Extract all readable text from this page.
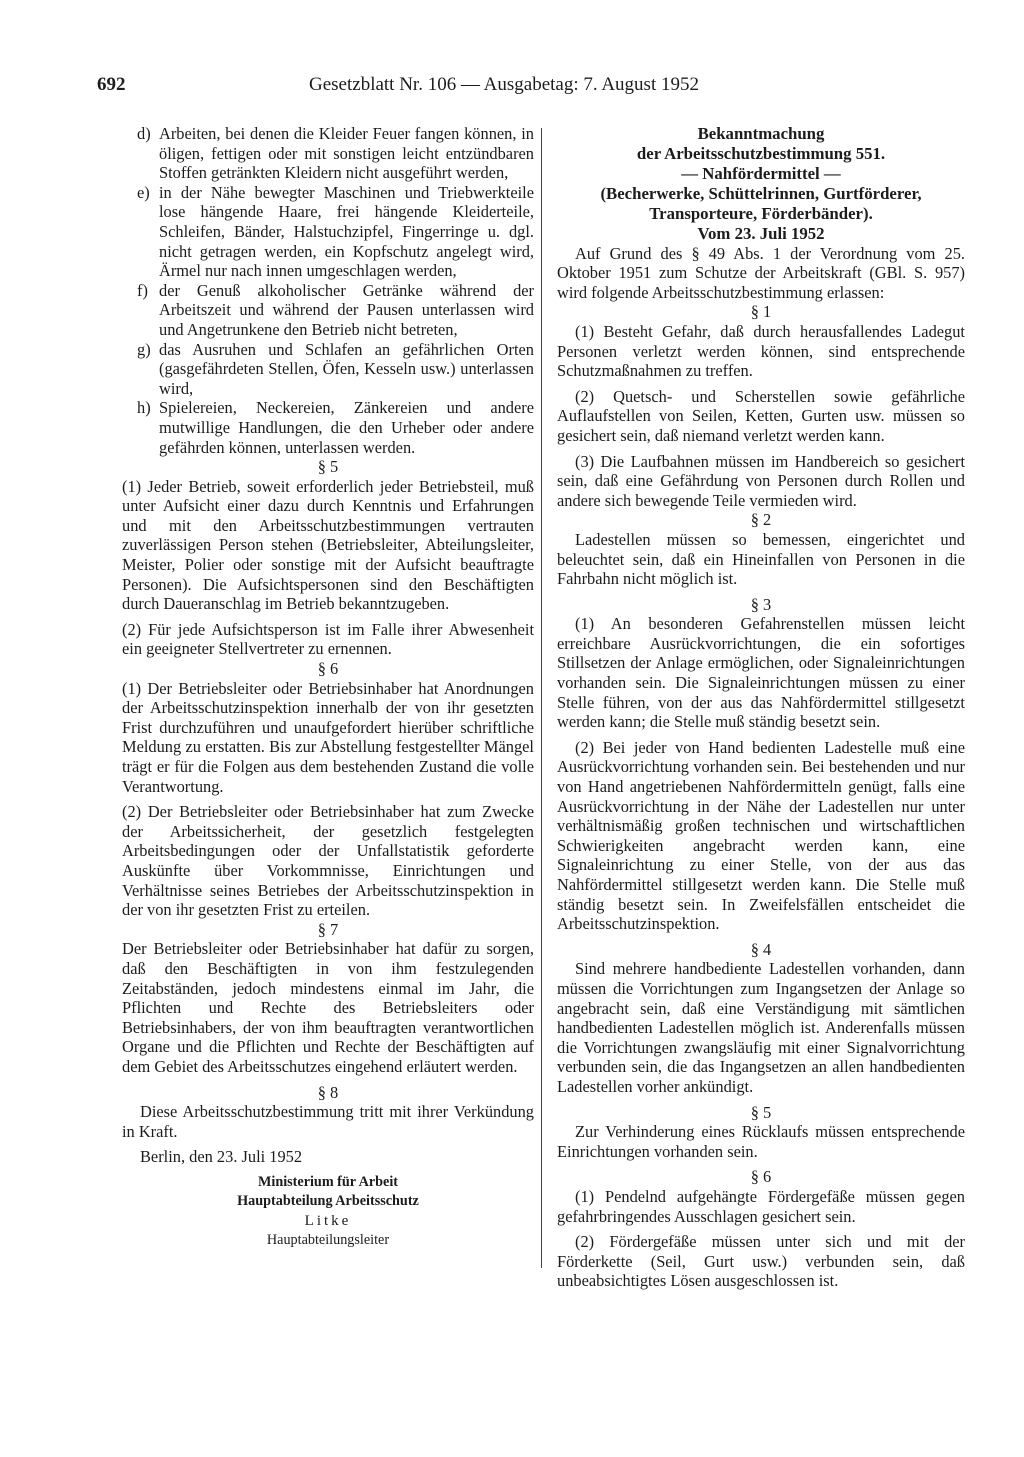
692	Gesetzblatt Nr. 106 — Ausgabetag: 7. August 1952
d) Arbeiten, bei denen die Kleider Feuer fangen können, in öligen, fettigen oder mit sonstigen leicht entzündbaren Stoffen getränkten Kleidern nicht ausgeführt werden,

e) in der Nähe bewegter Maschinen und Triebwerkteile lose hängende Haare, frei hängende Kleiderteile, Schleifen, Bänder, Halstuchzipfel, Fingerringe u. dgl. nicht getragen werden, ein Kopfschutz angelegt wird, Ärmel nur nach innen umgeschlagen werden,

f) der Genuß alkoholischer Getränke während der Arbeitszeit und während der Pausen unterlassen wird und Angetrunkene den Betrieb nicht betreten,

g) das Ausruhen und Schlafen an gefährlichen Orten (gasgefährdeten Stellen, Öfen, Kesseln usw.) unterlassen wird,

h) Spielereien, Neckereien, Zänkereien und andere mutwillige Handlungen, die den Urheber oder andere gefährden können, unterlassen werden.

§ 5

(1) Jeder Betrieb, soweit erforderlich jeder Betriebsteil, muß unter Aufsicht einer dazu durch Kenntnis und Erfahrungen und mit den Arbeitsschutzbestimmungen vertrauten zuverlässigen Person stehen (Betriebsleiter, Abteilungsleiter, Meister, Polier oder sonstige mit der Aufsicht beauftragte Personen). Die Aufsichtspersonen sind den Beschäftigten durch Daueranschlag im Betrieb bekanntzugeben.

(2) Für jede Aufsichtsperson ist im Falle ihrer Abwesenheit ein geeigneter Stellvertreter zu ernennen.

§ 6

(1) Der Betriebsleiter oder Betriebsinhaber hat Anordnungen der Arbeitsschutzinspektion innerhalb der von ihr gesetzten Frist durchzuführen und unaufgefordert hierüber schriftliche Meldung zu erstatten. Bis zur Abstellung festgestellter Mängel trägt er für die Folgen aus dem bestehenden Zustand die volle Verantwortung.

(2) Der Betriebsleiter oder Betriebsinhaber hat zum Zwecke der Arbeitssicherheit, der gesetzlich festgelegten Arbeitsbedingungen oder der Unfallstatistik geforderte Auskünfte über Vorkommnisse, Einrichtungen und Verhältnisse seines Betriebes der Arbeitsschutzinspektion in der von ihr gesetzten Frist zu erteilen.

§ 7

Der Betriebsleiter oder Betriebsinhaber hat dafür zu sorgen, daß den Beschäftigten in von ihm festzulegenden Zeitabständen, jedoch mindestens einmal im Jahr, die Pflichten und Rechte des Betriebsleiters oder Betriebsinhabers, der von ihm beauftragten verantwortlichen Organe und die Pflichten und Rechte der Beschäftigten auf dem Gebiet des Arbeitsschutzes eingehend erläutert werden.

§ 8

Diese Arbeitsschutzbestimmung tritt mit ihrer Verkündung in Kraft.

Berlin, den 23. Juli 1952

Ministerium für Arbeit

Hauptabteilung Arbeitsschutz

Litke

Hauptabteilungsleiter

Bekanntmachung

der Arbeitsschutzbestimmung 551.

— Nahfördermittel —

(Becherwerke, Schüttelrinnen, Gurtförderer,

Transporteure, Förderbänder).

Vom 23. Juli 1952

Auf Grund des § 49 Abs. 1 der Verordnung vom 25. Oktober 1951 zum Schutze der Arbeitskraft (GBl. S. 957) wird folgende Arbeitsschutzbestimmung erlassen:

§ 1

(1) Besteht Gefahr, daß durch herausfallendes Ladegut Personen verletzt werden können, sind entsprechende Schutzmaßnahmen zu treffen.

(2) Quetsch- und Scherstellen sowie gefährliche Auflaufstellen von Seilen, Ketten, Gurten usw. müssen so gesichert sein, daß niemand verletzt werden kann.

(3) Die Laufbahnen müssen im Handbereich so gesichert sein, daß eine Gefährdung von Personen durch Rollen und andere sich bewegende Teile vermieden wird.

§ 2

Ladestellen müssen so bemessen, eingerichtet und beleuchtet sein, daß ein Hineinfallen von Personen in die Fahrbahn nicht möglich ist.

§ 3

(1) An besonderen Gefahrenstellen müssen leicht erreichbare Ausrückvorrichtungen, die ein sofortiges Stillsetzen der Anlage ermöglichen, oder Signaleinrichtungen vorhanden sein. Die Signaleinrichtungen müssen zu einer Stelle führen, von der aus das Nahfördermittel stillgesetzt werden kann; die Stelle muß ständig besetzt sein.

(2) Bei jeder von Hand bedienten Ladestelle muß eine Ausrückvorrichtung vorhanden sein. Bei bestehenden und nur von Hand angetriebenen Nahfördermitteln genügt, falls eine Ausrückvorrichtung in der Nähe der Ladestellen nur unter verhältnismäßig großen technischen und wirtschaftlichen Schwierigkeiten angebracht werden kann, eine Signaleinrichtung zu einer Stelle, von der aus das Nahfördermittel stillgesetzt werden kann. Die Stelle muß ständig besetzt sein. In Zweifelsfällen entscheidet die Arbeitsschutzinspektion.

§ 4

Sind mehrere handbediente Ladestellen vorhanden, dann müssen die Vorrichtungen zum Ingangsetzen der Anlage so angebracht sein, daß eine Verständigung mit sämtlichen handbedienten Ladestellen möglich ist. Anderenfalls müssen die Vorrichtungen zwangsläufig mit einer Signalvorrichtung verbunden sein, die das Ingangsetzen an allen handbedienten Ladestellen vorher ankündigt.

§ 5

Zur Verhinderung eines Rücklaufs müssen entsprechende Einrichtungen vorhanden sein.

§ 6

(1) Pendelnd aufgehängte Fördergefäße müssen gegen gefahrbringendes Ausschlagen gesichert sein.

(2) Fördergefäße müssen unter sich und mit der Förderkette (Seil, Gurt usw.) verbunden sein, daß unbeabsichtigtes Lösen ausgeschlossen ist.
